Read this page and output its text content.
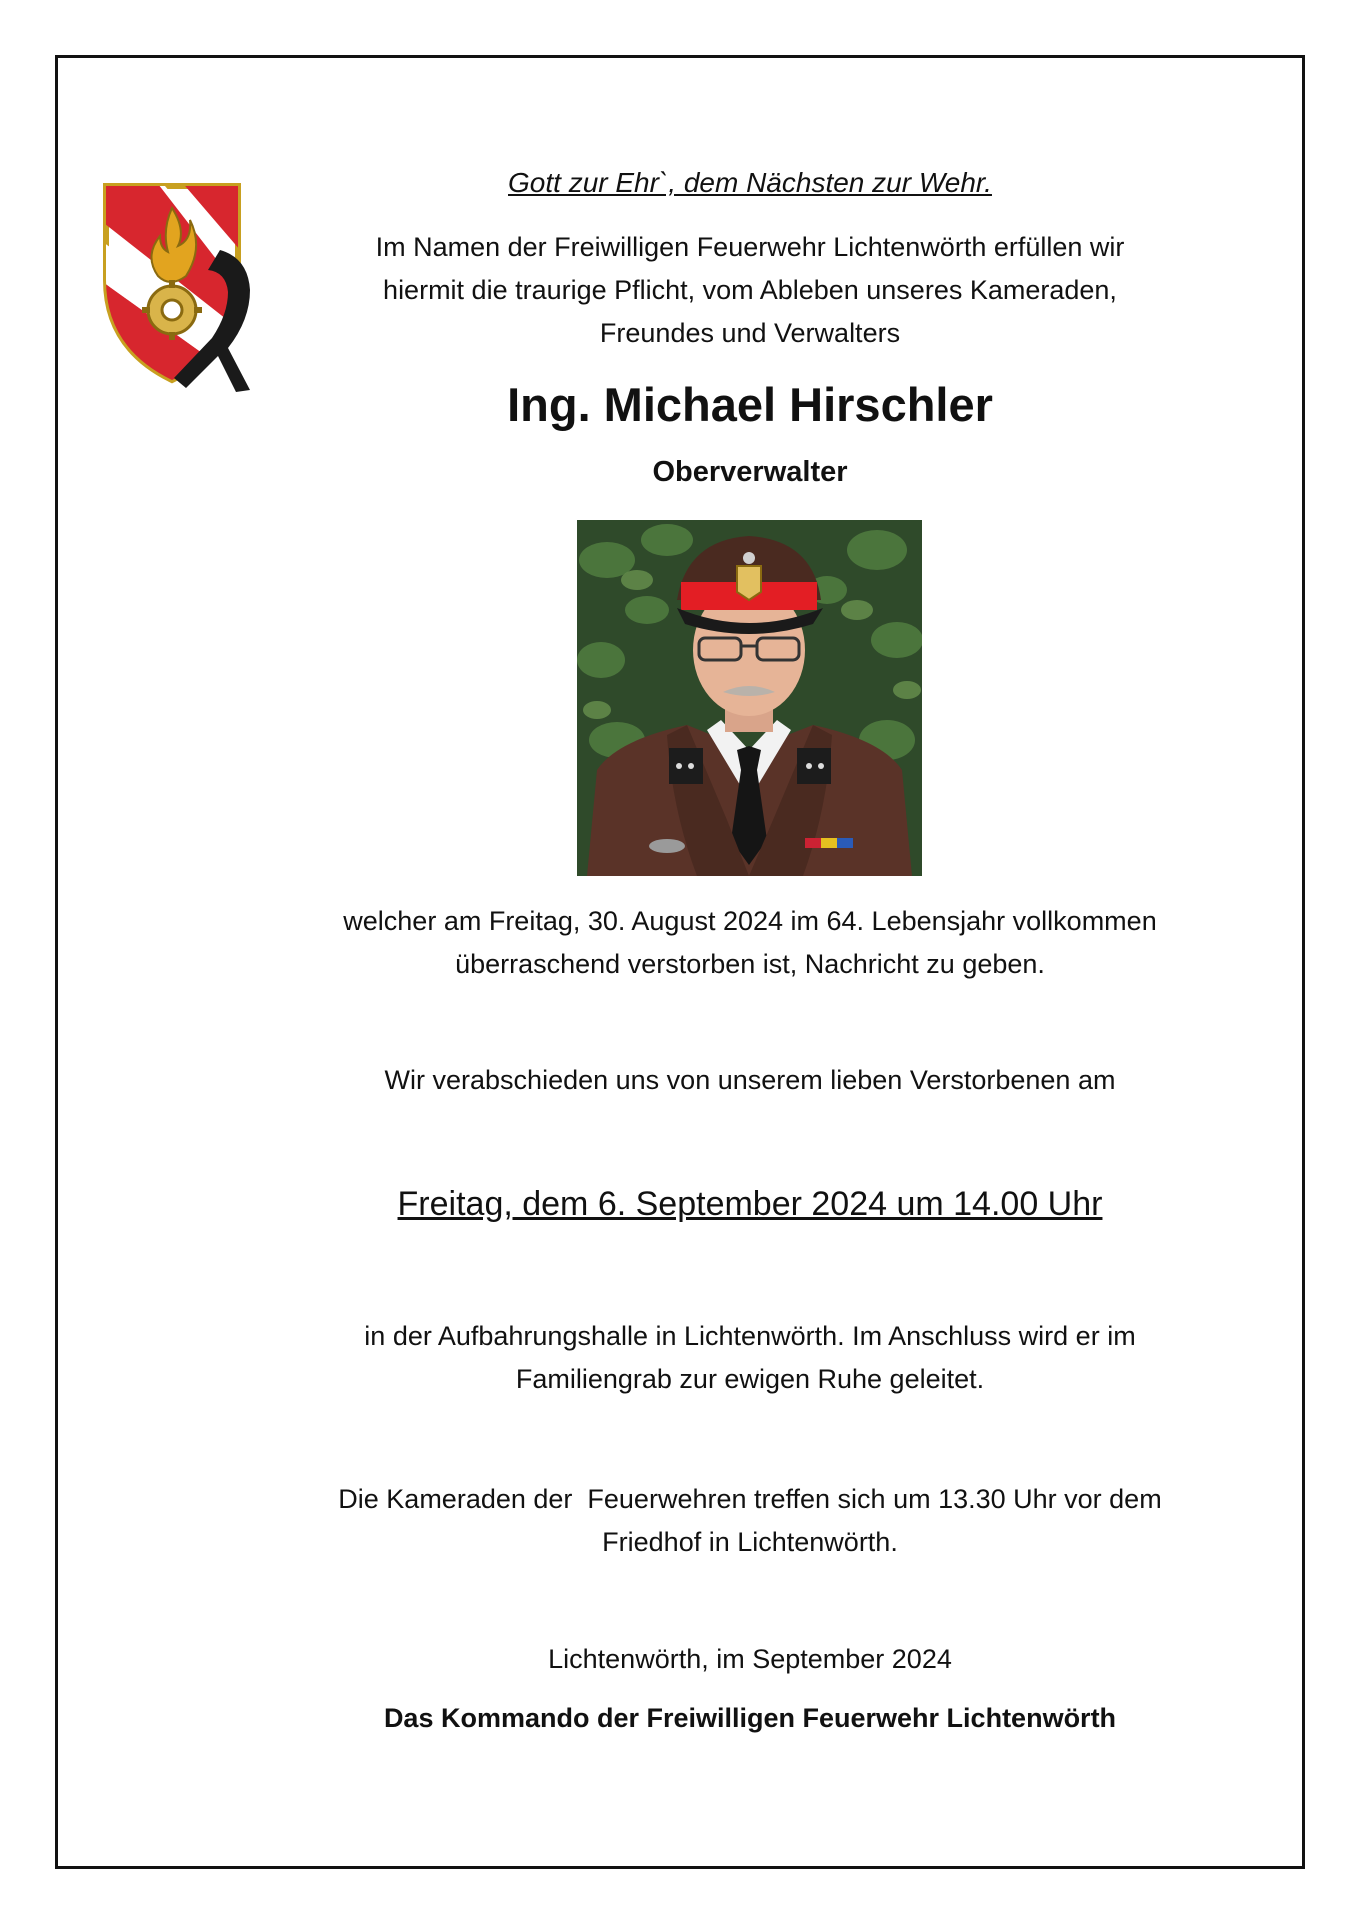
Gott zur Ehr`, dem Nächsten zur Wehr.
Im Namen der Freiwilligen Feuerwehr Lichtenwörth erfüllen wir
hiermit die traurige Pflicht, vom Ableben unseres Kameraden,
Freundes und Verwalters
Ing. Michael Hirschler
Oberverwalter
welcher am Freitag, 30. August 2024 im 64. Lebensjahr vollkommen
überraschend verstorben ist, Nachricht zu geben.
Wir verabschieden uns von unserem lieben Verstorbenen am
Freitag, dem 6. September 2024 um 14.00 Uhr
in der Aufbahrungshalle in Lichtenwörth. Im Anschluss wird er im
Familiengrab zur ewigen Ruhe geleitet.
Die Kameraden der  Feuerwehren treffen sich um 13.30 Uhr vor dem
Friedhof in Lichtenwörth.
Lichtenwörth, im September 2024
Das Kommando der Freiwilligen Feuerwehr Lichtenwörth
